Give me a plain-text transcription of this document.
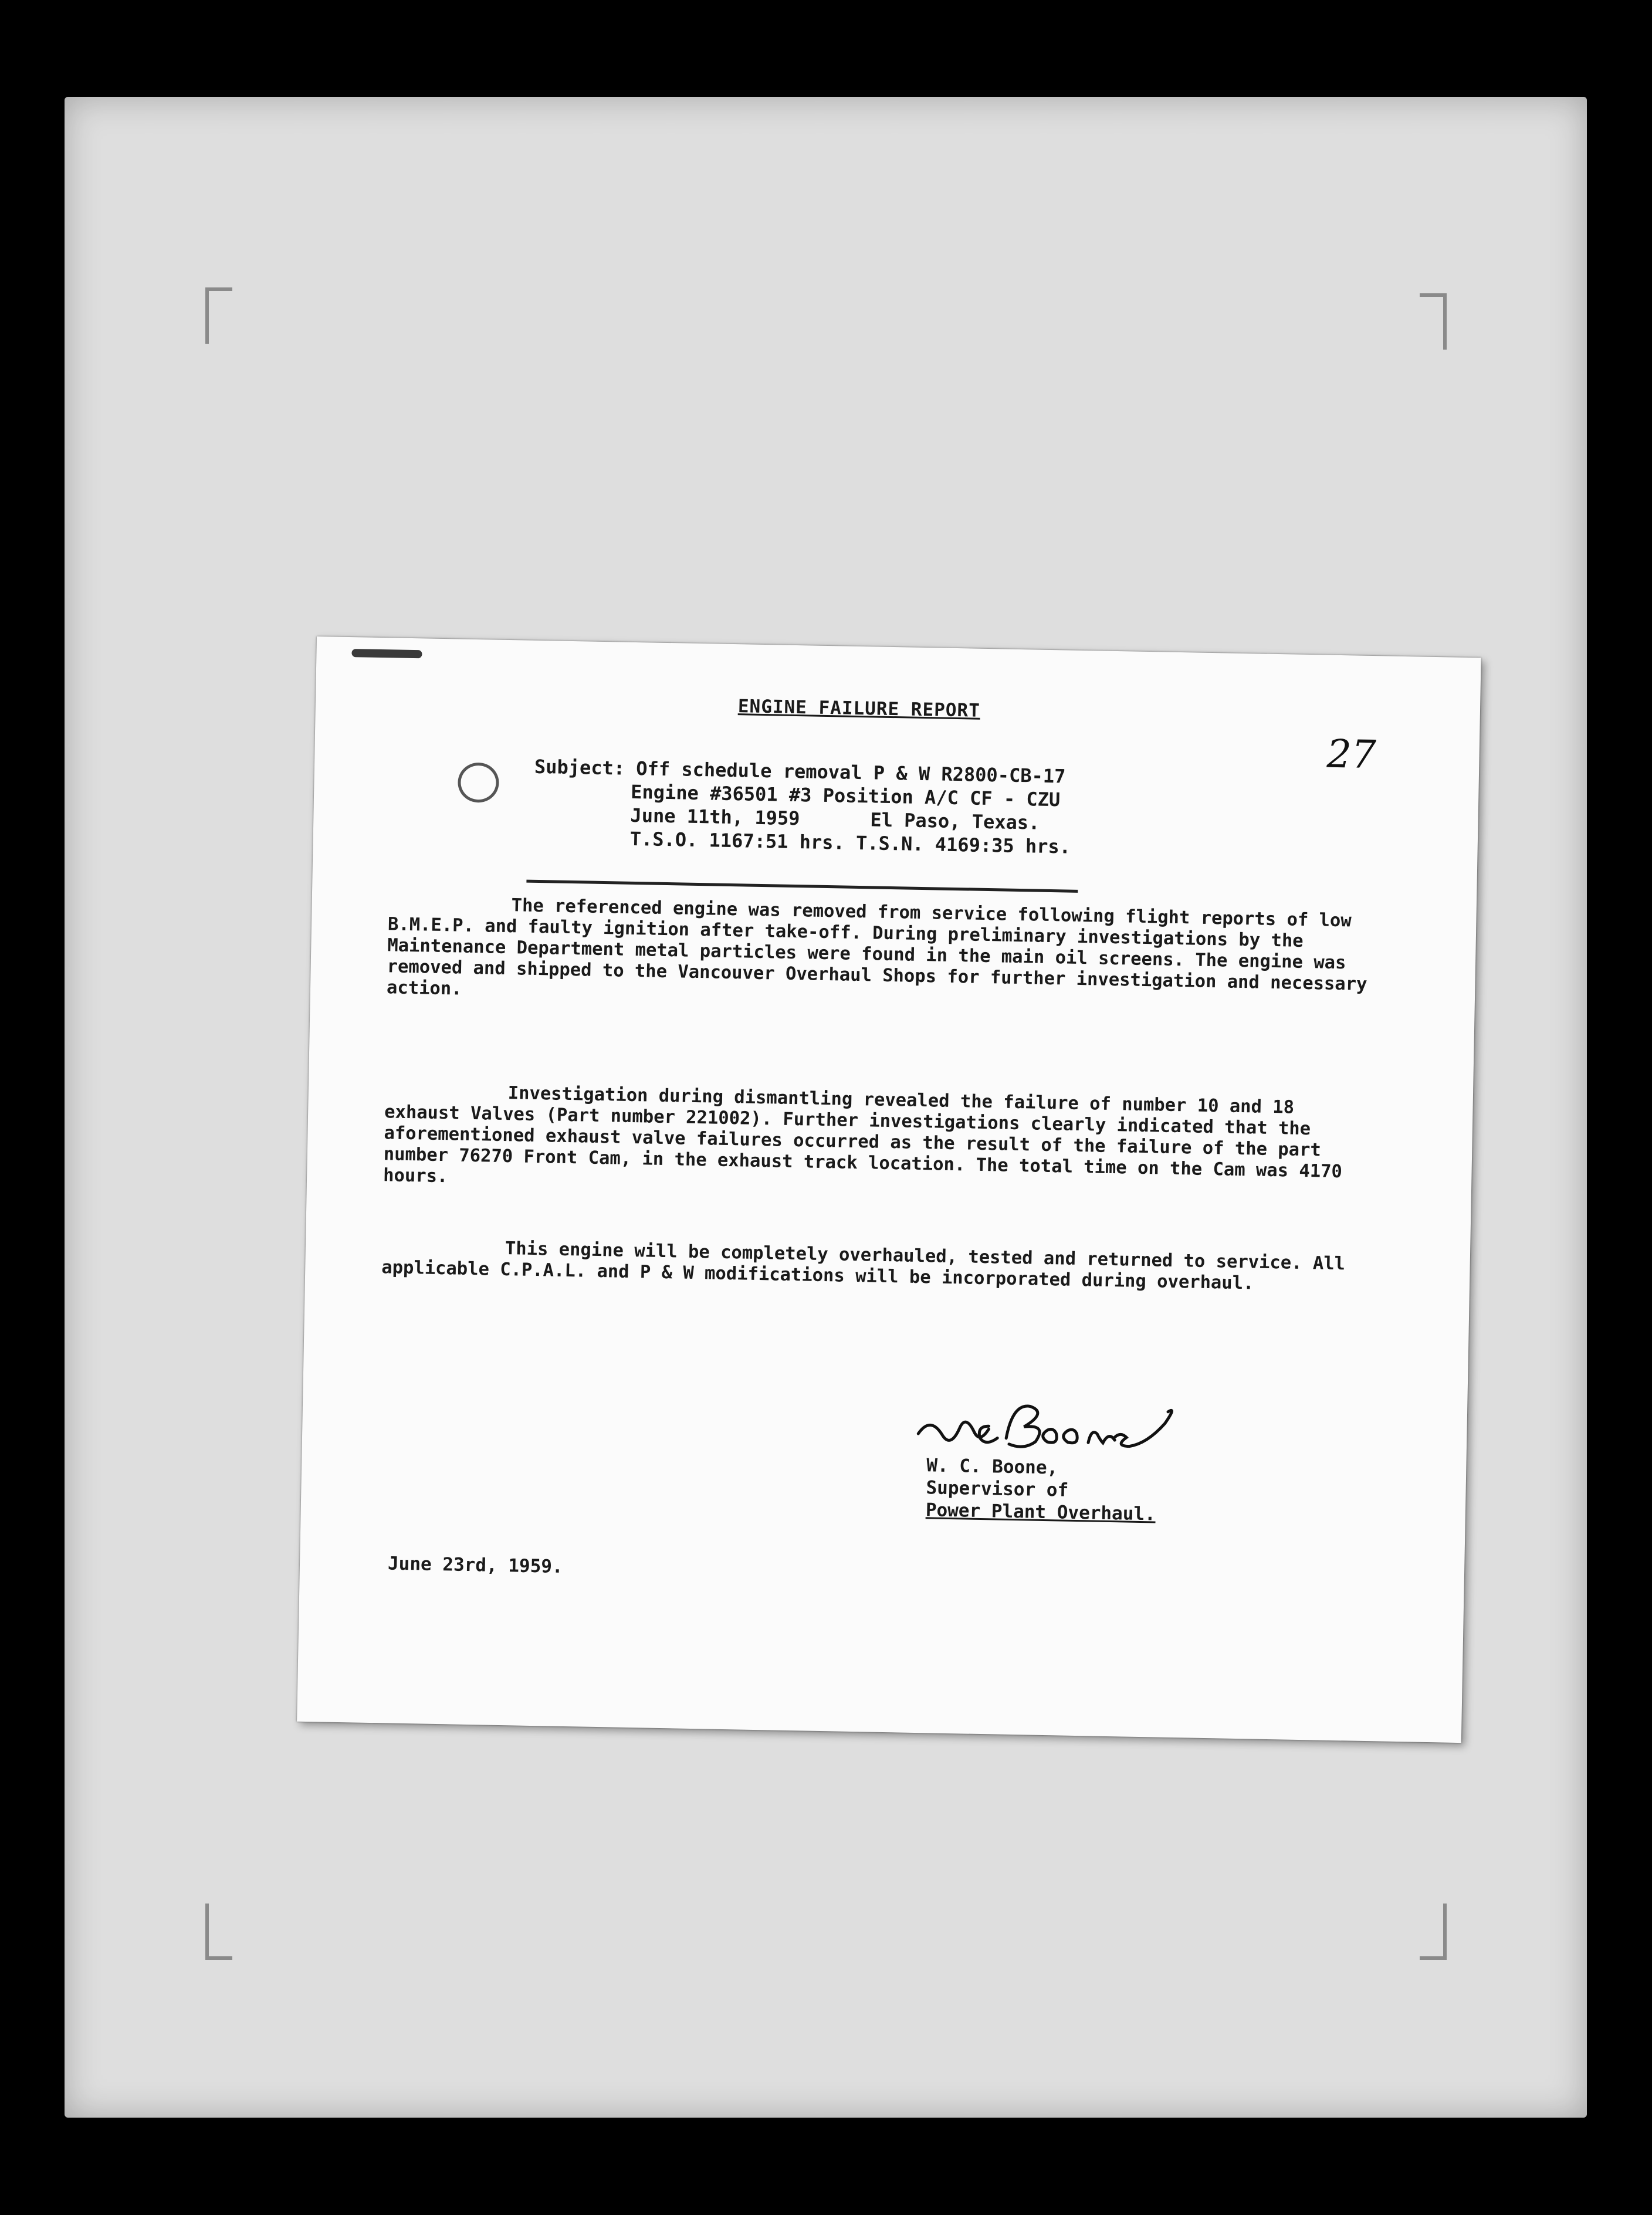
ENGINE FAILURE REPORT
27
Subject: Off schedule removal P & W R2800-CB-17
Engine #36501 #3 Position A/C CF - CZU
June 11th, 1959	El Paso, Texas.
T.S.O. 1167:51 hrs. T.S.N. 4169:35 hrs.

The referenced engine was removed from service following flight reports of low B.M.E.P. and faulty ignition after take-off. During preliminary investigations by the Maintenance Department metal particles were found in the main oil screens. The engine was removed and shipped to the Vancouver Overhaul Shops for further investigation and necessary action.

Investigation during dismantling revealed the failure of number 10 and 18 exhaust Valves (Part number 221002). Further investigations clearly indicated that the aforementioned exhaust valve failures occurred as the result of the failure of the part number 76270 Front Cam, in the exhaust track location. The total time on the Cam was 4170 hours.

This engine will be completely overhauled, tested and returned to service. All applicable C.P.A.L. and P & W modifications will be incorporated during overhaul.

W. C. Boone,
Supervisor of
Power Plant Overhaul.
June 23rd, 1959.
